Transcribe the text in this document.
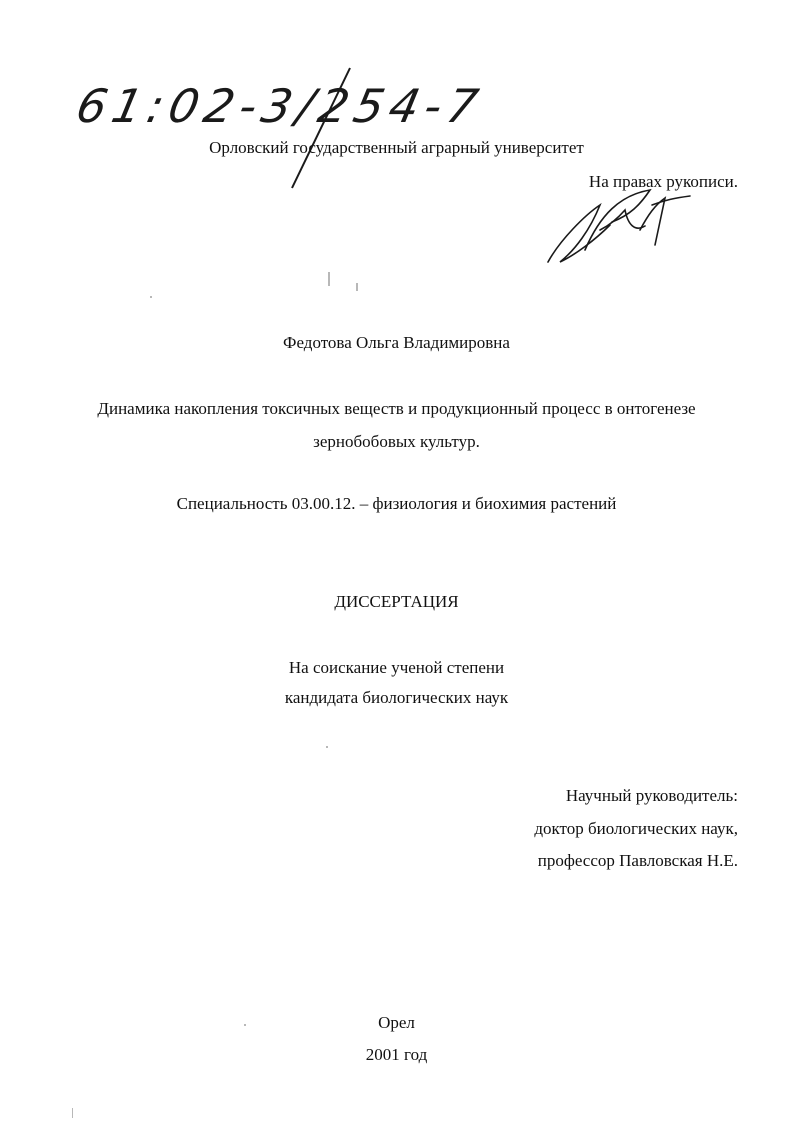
61:02-3/254-7
Орловский государственный аграрный университет
На правах рукописи.
Федотова Ольга Владимировна
Динамика накопления токсичных веществ и продукционный процесс в онтогенезе
зернобобовых культур.
Специальность 03.00.12. – физиология и биохимия растений
ДИССЕРТАЦИЯ
На соискание ученой степени
кандидата биологических наук
Научный руководитель:
доктор биологических наук,
профессор Павловская Н.Е.
Орел
2001 год
